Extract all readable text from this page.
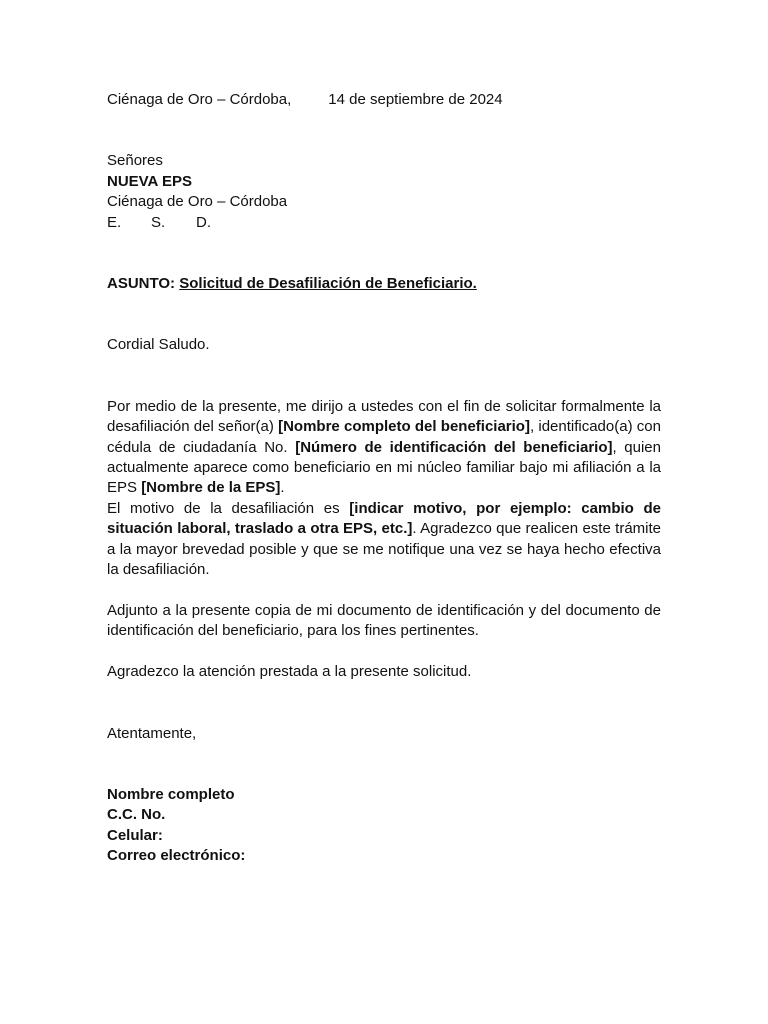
Ciénaga de Oro – Córdoba, 14 de septiembre de 2024
Señores
NUEVA EPS
Ciénaga de Oro – Córdoba
E. S. D.
ASUNTO: Solicitud de Desafiliación de Beneficiario.
Cordial Saludo.

Por medio de la presente, me dirijo a ustedes con el fin de solicitar formalmente la desafiliación del señor(a) [Nombre completo del beneficiario], identificado(a) con cédula de ciudadanía No. [Número de identificación del beneficiario], quien actualmente aparece como beneficiario en mi núcleo familiar bajo mi afiliación a la EPS [Nombre de la EPS].

El motivo de la desafiliación es [indicar motivo, por ejemplo: cambio de situación laboral, traslado a otra EPS, etc.]. Agradezco que realicen este trámite a la mayor brevedad posible y que se me notifique una vez se haya hecho efectiva la desafiliación.

Adjunto a la presente copia de mi documento de identificación y del documento de identificación del beneficiario, para los fines pertinentes.

Agradezco la atención prestada a la presente solicitud.

Atentamente,
Nombre completo
C.C. No.
Celular:
Correo electrónico:
